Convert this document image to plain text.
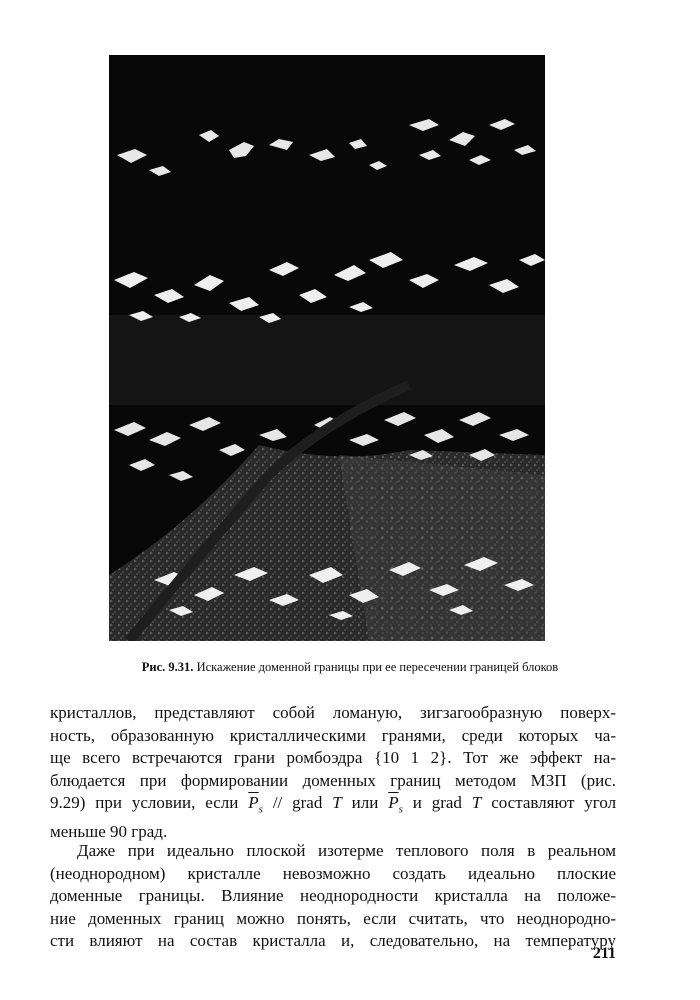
Рис. 9.31. Искажение доменной границы при ее пересечении границей блоков
кристаллов, представляют собой ломаную, зигзагообразную поверх-
ность, образованную кристаллическими гранями, среди которых ча-
ще всего встречаются грани ромбоэдра {10 1 2}. Тот же эффект на-
блюдается при формировании доменных границ методом МЗП (рис.
9.29) при условии, если $\overline{P}_s$ // grad T или $\overline{P}_s$ и grad T составляют угол
меньше 90 град.
Даже при идеально плоской изотерме теплового поля в реальном
(неоднородном) кристалле невозможно создать идеально плоские
доменные границы. Влияние неоднородности кристалла на положе-
ние доменных границ можно понять, если считать, что неоднородно-
сти влияют на состав кристалла и, следовательно, на температуру
211
